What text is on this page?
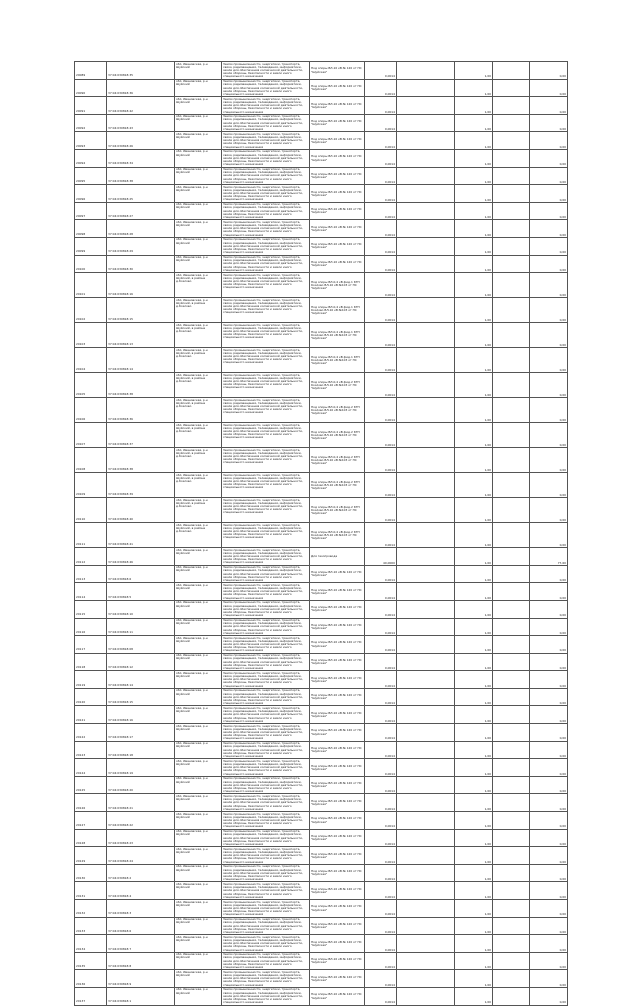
20089	37:04:030818:35	обл. Ивановская, р-н Шуйский	Земли промышленности, энергетики, транспорта, связи, радиовещания, телевидения, информатики, земли для обеспечения космической деятельности, земли обороны, безопасности и земли иного специального назначения	Под опоры ВЛ-10 кВ № 120 от ПС "Шуйская"	0,0014		1,00		0,00
20090	37:04:030818:36	обл. Ивановская, р-н Шуйский	Земли промышленности, энергетики, транспорта, связи, радиовещания, телевидения, информатики, земли для обеспечения космической деятельности, земли обороны, безопасности и земли иного специального назначения	Под опоры ВЛ-10 кВ № 120 от ПС "Шуйская"	0,0014		1,00		0,00
20091	37:04:030818:42	обл. Ивановская, р-н Шуйский	Земли промышленности, энергетики, транспорта, связи, радиовещания, телевидения, информатики, земли для обеспечения космической деятельности, земли обороны, безопасности и земли иного специального назначения	Под опоры ВЛ-10 кВ № 120 от ПС "Шуйская"	0,0014		1,00		0,00
20092	37:04:030818:43	обл. Ивановская, р-н Шуйский	Земли промышленности, энергетики, транспорта, связи, радиовещания, телевидения, информатики, земли для обеспечения космической деятельности, земли обороны, безопасности и земли иного специального назначения	Под опоры ВЛ-10 кВ № 120 от ПС "Шуйская"	0,0014		1,00		0,00
20093	37:04:030818:26	обл. Ивановская, р-н Шуйский	Земли промышленности, энергетики, транспорта, связи, радиовещания, телевидения, информатики, земли для обеспечения космической деятельности, земли обороны, безопасности и земли иного специального назначения	Под опоры ВЛ-10 кВ № 120 от ПС "Шуйская"	0,0014		1,00		0,00
20094	37:04:030818:34	обл. Ивановская, р-н Шуйский	Земли промышленности, энергетики, транспорта, связи, радиовещания, телевидения, информатики, земли для обеспечения космической деятельности, земли обороны, безопасности и земли иного специального назначения	Под опоры ВЛ-10 кВ № 120 от ПС "Шуйская"	0,0014		1,00		0,00
20095	37:04:030818:38	обл. Ивановская, р-н Шуйский	Земли промышленности, энергетики, транспорта, связи, радиовещания, телевидения, информатики, земли для обеспечения космической деятельности, земли обороны, безопасности и земли иного специального назначения	Под опоры ВЛ-10 кВ № 120 от ПС "Шуйская"	0,0014		1,00		0,00
20096	37:04:030818:25	обл. Ивановская, р-н Шуйский	Земли промышленности, энергетики, транспорта, связи, радиовещания, телевидения, информатики, земли для обеспечения космической деятельности, земли обороны, безопасности и земли иного специального назначения	Под опоры ВЛ-10 кВ № 120 от ПС "Шуйская"	0,0014		1,00		0,00
20097	37:04:030818:27	обл. Ивановская, р-н Шуйский	Земли промышленности, энергетики, транспорта, связи, радиовещания, телевидения, информатики, земли для обеспечения космической деятельности, земли обороны, безопасности и земли иного специального назначения	Под опоры ВЛ-10 кВ № 120 от ПС "Шуйская"	0,0014		1,00		0,00
20098	37:04:030818:28	обл. Ивановская, р-н Шуйский	Земли промышленности, энергетики, транспорта, связи, радиовещания, телевидения, информатики, земли для обеспечения космической деятельности, земли обороны, безопасности и земли иного специального назначения	Под опоры ВЛ-10 кВ № 120 от ПС "Шуйская"	0,0014		1,00		0,00
20099	37:04:030818:29	обл. Ивановская, р-н Шуйский	Земли промышленности, энергетики, транспорта, связи, радиовещания, телевидения, информатики, земли для обеспечения космической деятельности, земли обороны, безопасности и земли иного специального назначения	Под опоры ВЛ-10 кВ № 120 от ПС "Шуйская"	0,0014		1,00		0,00
20100	37:04:030818:30	обл. Ивановская, р-н Шуйский	Земли промышленности, энергетики, транспорта, связи, радиовещания, телевидения, информатики, земли для обеспечения космической деятельности, земли обороны, безопасности и земли иного специального назначения	Под опоры ВЛ-10 кВ № 120 от ПС "Шуйская"	0,0014		1,00		0,00
20101	37:04:030818:16	обл. Ивановская, р-н Шуйский, в районе д.Козлово	Земли промышленности, энергетики, транспорта, связи, радиовещания, телевидения, информатики, земли для обеспечения космической деятельности, земли обороны, безопасности и земли иного специального назначения	Под опоры ВЛ-0,4 кВ фид.1 КТП Козлово ВЛ-10 кВ №103 от ПС "Шуйская"	0,0014		1,00		0,00
20102	37:04:030818:15	обл. Ивановская, р-н Шуйский, в районе д.Козлово	Земли промышленности, энергетики, транспорта, связи, радиовещания, телевидения, информатики, земли для обеспечения космической деятельности, земли обороны, безопасности и земли иного специального назначения	Под опоры ВЛ-0,4 кВ фид.1 КТП Козлово ВЛ-10 кВ №103 от ПС "Шуйская"	0,0014		1,00		0,00
20103	37:04:030818:13	обл. Ивановская, р-н Шуйский, в районе д.Козлово	Земли промышленности, энергетики, транспорта, связи, радиовещания, телевидения, информатики, земли для обеспечения космической деятельности, земли обороны, безопасности и земли иного специального назначения	Под опоры ВЛ-0,4 кВ фид.1 КТП Козлово ВЛ-10 кВ №103 от ПС "Шуйская"	0,0014		1,00		0,00
20104	37:04:030818:14	обл. Ивановская, р-н Шуйский, в районе д.Козлово	Земли промышленности, энергетики, транспорта, связи, радиовещания, телевидения, информатики, земли для обеспечения космической деятельности, земли обороны, безопасности и земли иного специального назначения	Под опоры ВЛ-0,4 кВ фид.1 КТП Козлово ВЛ-10 кВ №103 от ПС "Шуйская"	0,0014		1,00		0,00
20105	37:04:030818:38	обл. Ивановская, р-н Шуйский, в районе д.Козлово	Земли промышленности, энергетики, транспорта, связи, радиовещания, телевидения, информатики, земли для обеспечения космической деятельности, земли обороны, безопасности и земли иного специального назначения	Под опоры ВЛ-0,4 кВ фид.2 КТП Козлово ВЛ-10 кВ №103 от ПС "Шуйская"	0,0014		1,00		0,00
20106	37:04:030818:36	обл. Ивановская, р-н Шуйский, в районе д.Козлово	Земли промышленности, энергетики, транспорта, связи, радиовещания, телевидения, информатики, земли для обеспечения космической деятельности, земли обороны, безопасности и земли иного специального назначения	Под опоры ВЛ-0,4 кВ фид.2 КТП Козлово ВЛ-10 кВ №103 от ПС "Шуйская"	0,0014		1,00		0,00
20107	37:04:030818:37	обл. Ивановская, р-н Шуйский, в районе д.Козлово	Земли промышленности, энергетики, транспорта, связи, радиовещания, телевидения, информатики, земли для обеспечения космической деятельности, земли обороны, безопасности и земли иного специального назначения	Под опоры ВЛ-0,4 кВ фид.2 КТП Козлово ВЛ-10 кВ №103 от ПС "Шуйская"	0,0014		1,00		0,00
20108	37:04:030818:38	обл. Ивановская, р-н Шуйский, в районе д.Козлово	Земли промышленности, энергетики, транспорта, связи, радиовещания, телевидения, информатики, земли для обеспечения космической деятельности, земли обороны, безопасности и земли иного специального назначения	Под опоры ВЛ-0,4 кВ фид.2 КТП Козлово ВЛ-10 кВ №103 от ПС "Шуйская"	0,0014		1,00		0,00
20109	37:04:030818:39	обл. Ивановская, р-н Шуйский, в районе д.Козлово	Земли промышленности, энергетики, транспорта, связи, радиовещания, телевидения, информатики, земли для обеспечения космической деятельности, земли обороны, безопасности и земли иного специального назначения	Под опоры ВЛ-0,4 кВ фид.2 КТП Козлово ВЛ-10 кВ №103 от ПС "Шуйская"	0,0014		1,00		0,00
20110	37:04:030818:40	обл. Ивановская, р-н Шуйский, в районе д.Козлово	Земли промышленности, энергетики, транспорта, связи, радиовещания, телевидения, информатики, земли для обеспечения космической деятельности, земли обороны, безопасности и земли иного специального назначения	Под опоры ВЛ-0,4 кВ фид.2 КТП Козлово ВЛ-10 кВ №103 от ПС "Шуйская"	0,0014		1,00		0,00
20111	37:04:030818:41	обл. Ивановская, р-н Шуйский, в районе д.Козлово	Земли промышленности, энергетики, транспорта, связи, радиовещания, телевидения, информатики, земли для обеспечения космической деятельности, земли обороны, безопасности и земли иного специального назначения	Под опоры ВЛ-0,4 кВ фид.2 КТП Козлово ВЛ-10 кВ №103 от ПС "Шуйская"	0,0014		1,00		0,00
20112	37:04:030818:46	обл. Ивановская, р-н Шуйский	Земли промышленности, энергетики, транспорта, связи, радиовещания, телевидения, информатики, земли для обеспечения космической деятельности, земли обороны, безопасности и земли иного специального назначения	Для газопровода	40,0000		1,00		77,60
20113	37:04:030818:6	обл. Ивановская, р-н Шуйский	Земли промышленности, энергетики, транспорта, связи, радиовещания, телевидения, информатики, земли для обеспечения космической деятельности, земли обороны, безопасности и земли иного специального назначения	Под опоры ВЛ-10 кВ № 120 от ПС "Шуйская"	0,0014		1,00		0,00
20114	37:04:030818:5	обл. Ивановская, р-н Шуйский	Земли промышленности, энергетики, транспорта, связи, радиовещания, телевидения, информатики, земли для обеспечения космической деятельности, земли обороны, безопасности и земли иного специального назначения	Под опоры ВЛ-10 кВ № 120 от ПС "Шуйская"	0,0014		1,00		0,00
20115	37:04:030818:10	обл. Ивановская, р-н Шуйский	Земли промышленности, энергетики, транспорта, связи, радиовещания, телевидения, информатики, земли для обеспечения космической деятельности, земли обороны, безопасности и земли иного специального назначения	Под опоры ВЛ-10 кВ № 120 от ПС "Шуйская"	0,0014		1,00		0,00
20116	37:04:030818:11	обл. Ивановская, р-н Шуйский	Земли промышленности, энергетики, транспорта, связи, радиовещания, телевидения, информатики, земли для обеспечения космической деятельности, земли обороны, безопасности и земли иного специального назначения	Под опоры ВЛ-10 кВ № 120 от ПС "Шуйская"	0,0014		1,00		0,00
20117	37:04:030818:08	обл. Ивановская, р-н Шуйский	Земли промышленности, энергетики, транспорта, связи, радиовещания, телевидения, информатики, земли для обеспечения космической деятельности, земли обороны, безопасности и земли иного специального назначения	Под опоры ВЛ-10 кВ № 120 от ПС "Шуйская"	0,0014		1,00		0,00
20118	37:04:030818:12	обл. Ивановская, р-н Шуйский	Земли промышленности, энергетики, транспорта, связи, радиовещания, телевидения, информатики, земли для обеспечения космической деятельности, земли обороны, безопасности и земли иного специального назначения	Под опоры ВЛ-10 кВ № 120 от ПС "Шуйская"	0,0014		1,00		0,00
20119	37:04:030818:14	обл. Ивановская, р-н Шуйский	Земли промышленности, энергетики, транспорта, связи, радиовещания, телевидения, информатики, земли для обеспечения космической деятельности, земли обороны, безопасности и земли иного специального назначения	Под опоры ВЛ-10 кВ № 120 от ПС "Шуйская"	0,0014		1,00		0,00
20120	37:04:030818:15	обл. Ивановская, р-н Шуйский	Земли промышленности, энергетики, транспорта, связи, радиовещания, телевидения, информатики, земли для обеспечения космической деятельности, земли обороны, безопасности и земли иного специального назначения	Под опоры ВЛ-10 кВ № 120 от ПС "Шуйская"	0,0014		1,00		0,00
20121	37:04:030818:16	обл. Ивановская, р-н Шуйский	Земли промышленности, энергетики, транспорта, связи, радиовещания, телевидения, информатики, земли для обеспечения космической деятельности, земли обороны, безопасности и земли иного специального назначения	Под опоры ВЛ-10 кВ № 120 от ПС "Шуйская"	0,0014		1,00		0,00
20122	37:04:030818:17	обл. Ивановская, р-н Шуйский	Земли промышленности, энергетики, транспорта, связи, радиовещания, телевидения, информатики, земли для обеспечения космической деятельности, земли обороны, безопасности и земли иного специального назначения	Под опоры ВЛ-10 кВ № 120 от ПС "Шуйская"	0,0014		1,00		0,00
20123	37:04:030818:18	обл. Ивановская, р-н Шуйский	Земли промышленности, энергетики, транспорта, связи, радиовещания, телевидения, информатики, земли для обеспечения космической деятельности, земли обороны, безопасности и земли иного специального назначения	Под опоры ВЛ-10 кВ № 120 от ПС "Шуйская"	0,0014		1,00		0,00
20124	37:04:030818:19	обл. Ивановская, р-н Шуйский	Земли промышленности, энергетики, транспорта, связи, радиовещания, телевидения, информатики, земли для обеспечения космической деятельности, земли обороны, безопасности и земли иного специального назначения	Под опоры ВЛ-10 кВ № 120 от ПС "Шуйская"	0,0014		1,00		0,00
20125	37:04:030818:20	обл. Ивановская, р-н Шуйский	Земли промышленности, энергетики, транспорта, связи, радиовещания, телевидения, информатики, земли для обеспечения космической деятельности, земли обороны, безопасности и земли иного специального назначения	Под опоры ВЛ-10 кВ № 120 от ПС "Шуйская"	0,0014		1,00		0,00
20126	37:04:030818:21	обл. Ивановская, р-н Шуйский	Земли промышленности, энергетики, транспорта, связи, радиовещания, телевидения, информатики, земли для обеспечения космической деятельности, земли обороны, безопасности и земли иного специального назначения	Под опоры ВЛ-10 кВ № 120 от ПС "Шуйская"	0,0014		1,00		0,00
20127	37:04:030818:22	обл. Ивановская, р-н Шуйский	Земли промышленности, энергетики, транспорта, связи, радиовещания, телевидения, информатики, земли для обеспечения космической деятельности, земли обороны, безопасности и земли иного специального назначения	Под опоры ВЛ-10 кВ № 120 от ПС "Шуйская"	0,0014		1,00		0,00
20128	37:04:030818:23	обл. Ивановская, р-н Шуйский	Земли промышленности, энергетики, транспорта, связи, радиовещания, телевидения, информатики, земли для обеспечения космической деятельности, земли обороны, безопасности и земли иного специального назначения	Под опоры ВЛ-10 кВ № 120 от ПС "Шуйская"	0,0014		1,00		0,00
20129	37:04:030818:24	обл. Ивановская, р-н Шуйский	Земли промышленности, энергетики, транспорта, связи, радиовещания, телевидения, информатики, земли для обеспечения космической деятельности, земли обороны, безопасности и земли иного специального назначения	Под опоры ВЛ-10 кВ № 120 от ПС "Шуйская"	0,0014		1,00		0,00
20130	37:04:030818:2	обл. Ивановская, р-н Шуйский	Земли промышленности, энергетики, транспорта, связи, радиовещания, телевидения, информатики, земли для обеспечения космической деятельности, земли обороны, безопасности и земли иного специального назначения	Под опоры ВЛ-10 кВ № 120 от ПС "Шуйская"	0,0014		1,00		0,00
20131	37:04:030818:4	обл. Ивановская, р-н Шуйский	Земли промышленности, энергетики, транспорта, связи, радиовещания, телевидения, информатики, земли для обеспечения космической деятельности, земли обороны, безопасности и земли иного специального назначения	Под опоры ВЛ-10 кВ № 120 от ПС "Шуйская"	0,0014		1,00		0,00
20132	37:04:030818:3	обл. Ивановская, р-н Шуйский	Земли промышленности, энергетики, транспорта, связи, радиовещания, телевидения, информатики, земли для обеспечения космической деятельности, земли обороны, безопасности и земли иного специального назначения	Под опоры ВЛ-10 кВ № 120 от ПС "Шуйская"	0,0014		1,00		0,00
20133	37:04:030818:6	обл. Ивановская, р-н Шуйский	Земли промышленности, энергетики, транспорта, связи, радиовещания, телевидения, информатики, земли для обеспечения космической деятельности, земли обороны, безопасности и земли иного специального назначения	Под опоры ВЛ-10 кВ № 120 от ПС "Шуйская"	0,0014		1,00		0,00
20134	37:04:030818:7	обл. Ивановская, р-н Шуйский	Земли промышленности, энергетики, транспорта, связи, радиовещания, телевидения, информатики, земли для обеспечения космической деятельности, земли обороны, безопасности и земли иного специального назначения	Под опоры ВЛ-10 кВ № 120 от ПС "Шуйская"	0,0014		1,00		0,00
20135	37:04:030818:8	обл. Ивановская, р-н Шуйский	Земли промышленности, энергетики, транспорта, связи, радиовещания, телевидения, информатики, земли для обеспечения космической деятельности, земли обороны, безопасности и земли иного специального назначения	Под опоры ВЛ-10 кВ № 120 от ПС "Шуйская"	0,0014		1,00		0,00
20136	37:04:030818:9	обл. Ивановская, р-н Шуйский	Земли промышленности, энергетики, транспорта, связи, радиовещания, телевидения, информатики, земли для обеспечения космической деятельности, земли обороны, безопасности и земли иного специального назначения	Под опоры ВЛ-10 кВ № 120 от ПС "Шуйская"	0,0014		1,00		0,00
20137	37:04:030818:1	обл. Ивановская, р-н Шуйский	Земли промышленности, энергетики, транспорта, связи, радиовещания, телевидения, информатики, земли для обеспечения космической деятельности, земли обороны, безопасности и земли иного специального назначения	Под опоры ВЛ-10 кВ № 120 от ПС "Шуйская"	0,0014		1,00		0,00
